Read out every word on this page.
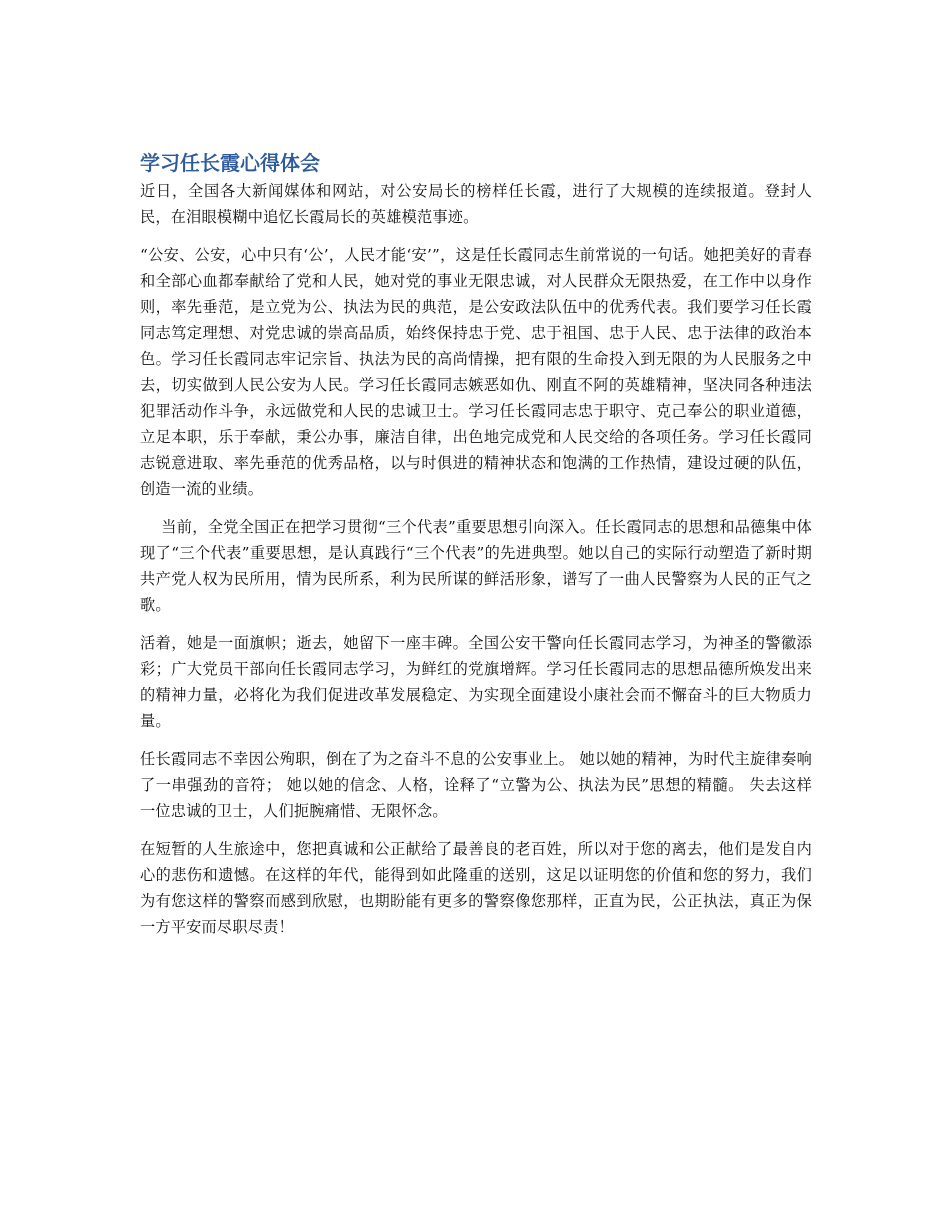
学习任长霞心得体会

近日，全国各大新闻媒体和网站，对公安局长的榜样任长霞，进行了大规模的连续报道。登封人民，在泪眼模糊中追忆长霞局长的英雄模范事迹。

“公安、公安，心中只有‘公’，人民才能‘安’”，这是任长霞同志生前常说的一句话。她把美好的青春和全部心血都奉献给了党和人民，她对党的事业无限忠诚，对人民群众无限热爱，在工作中以身作则，率先垂范，是立党为公、执法为民的典范，是公安政法队伍中的优秀代表。我们要学习任长霞同志笃定理想、对党忠诚的崇高品质，始终保持忠于党、忠于祖国、忠于人民、忠于法律的政治本色。学习任长霞同志牢记宗旨、执法为民的高尚情操，把有限的生命投入到无限的为人民服务之中去，切实做到人民公安为人民。学习任长霞同志嫉恶如仇、刚直不阿的英雄精神，坚决同各种违法犯罪活动作斗争，永远做党和人民的忠诚卫士。学习任长霞同志忠于职守、克己奉公的职业道德，立足本职，乐于奉献，秉公办事，廉洁自律，出色地完成党和人民交给的各项任务。学习任长霞同志锐意进取、率先垂范的优秀品格，以与时俱进的精神状态和饱满的工作热情，建设过硬的队伍，创造一流的业绩。

当前，全党全国正在把学习贯彻“三个代表”重要思想引向深入。任长霞同志的思想和品德集中体现了“三个代表”重要思想，是认真践行“三个代表”的先进典型。她以自己的实际行动塑造了新时期共产党人权为民所用，情为民所系，利为民所谋的鲜活形象，谱写了一曲人民警察为人民的正气之歌。

活着，她是一面旗帜；逝去，她留下一座丰碑。全国公安干警向任长霞同志学习，为神圣的警徽添彩；广大党员干部向任长霞同志学习，为鲜红的党旗增辉。学习任长霞同志的思想品德所焕发出来的精神力量，必将化为我们促进改革发展稳定、为实现全面建设小康社会而不懈奋斗的巨大物质力量。

任长霞同志不幸因公殉职，倒在了为之奋斗不息的公安事业上。 她以她的精神，为时代主旋律奏响了一串强劲的音符； 她以她的信念、人格，诠释了“立警为公、执法为民”思想的精髓。 失去这样一位忠诚的卫士，人们扼腕痛惜、无限怀念。

在短暂的人生旅途中，您把真诚和公正献给了最善良的老百姓，所以对于您的离去，他们是发自内心的悲伤和遗憾。在这样的年代，能得到如此隆重的送别，这足以证明您的价值和您的努力，我们为有您这样的警察而感到欣慰，也期盼能有更多的警察像您那样，正直为民，公正执法，真正为保一方平安而尽职尽责！
